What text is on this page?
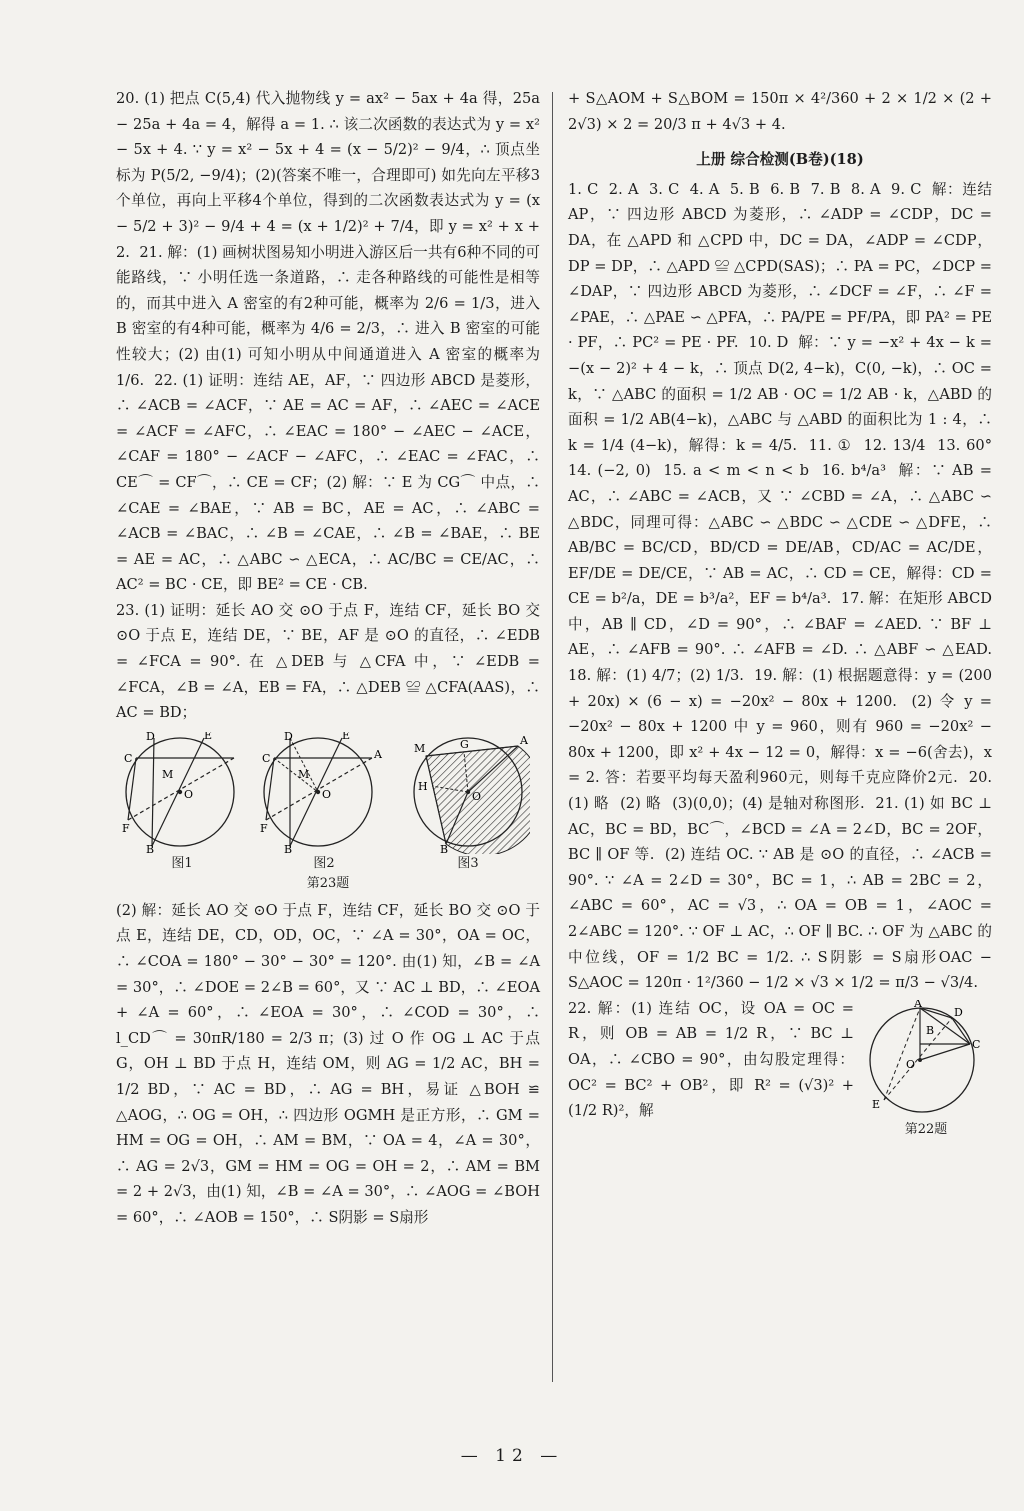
20. (1) 把点 C(5,4) 代入抛物线 y = ax² − 5ax + 4a 得，25a − 25a + 4a = 4，解得 a = 1. ∴ 该二次函数的表达式为 y = x² − 5x + 4. ∵ y = x² − 5x + 4 = (x − 5/2)² − 9/4，∴ 顶点坐标为 P(5/2, −9/4)；(2)(答案不唯一，合理即可) 如先向左平移3个单位，再向上平移4个单位，得到的二次函数表达式为 y = (x − 5/2 + 3)² − 9/4 + 4 = (x + 1/2)² + 7/4，即 y = x² + x + 2.  21. 解：(1) 画树状图易知小明进入游区后一共有6种不同的可能路线，∵ 小明任选一条道路，∴ 走各种路线的可能性是相等的，而其中进入 A 密室的有2种可能，概率为 2/6 = 1/3，进入 B 密室的有4种可能，概率为 4/6 = 2/3，∴ 进入 B 密室的可能性较大；(2) 由(1) 可知小明从中间通道进入 A 密室的概率为 1/6.  22. (1) 证明：连结 AE，AF，∵ 四边形 ABCD 是菱形，∴ ∠ACB = ∠ACF，∵ AE = AC = AF，∴ ∠AEC = ∠ACE = ∠ACF = ∠AFC，∴ ∠EAC = 180° − ∠AEC − ∠ACE，∠CAF = 180° − ∠ACF − ∠AFC，∴ ∠EAC = ∠FAC，∴ CE⌒ = CF⌒，∴ CE = CF；(2) 解：∵ E 为 CG⌒ 中点，∴ ∠CAE = ∠BAE，∵ AB = BC，AE = AC，∴ ∠ABC = ∠ACB = ∠BAC，∴ ∠B = ∠CAE，∴ ∠B = ∠BAE，∴ BE = AE = AC，∴ △ABC ∽ △ECA，∴ AC/BC = CE/AC，∴ AC² = BC · CE，即 BE² = CE · CB.

23. (1) 证明：延长 AO 交 ⊙O 于点 F，连结 CF，延长 BO 交 ⊙O 于点 E，连结 DE，∵ BE，AF 是 ⊙O 的直径，∴ ∠EDB = ∠FCA = 90°. 在 △DEB 与 △CFA 中，∵ ∠EDB = ∠FCA，∠B = ∠A，EB = FA，∴ △DEB ≌ △CFA(AAS)，∴ AC = BD；

D	E
C
M
O
F
B
图1
D	E
C	A
M
O
F
B
图2
M	G	A
H
O
B
图3
第23题

(2) 解：延长 AO 交 ⊙O 于点 F，连结 CF，延长 BO 交 ⊙O 于点 E，连结 DE，CD，OD，OC，∵ ∠A = 30°，OA = OC，∴ ∠COA = 180° − 30° − 30° = 120°. 由(1) 知，∠B = ∠A = 30°，∴ ∠DOE = 2∠B = 60°，又 ∵ AC ⊥ BD，∴ ∠EOA + ∠A = 60°，∴ ∠EOA = 30°，∴ ∠COD = 30°，∴ l_CD⌒ = 30πR/180 = 2/3 π；(3) 过 O 作 OG ⊥ AC 于点 G，OH ⊥ BD 于点 H，连结 OM，则 AG = 1/2 AC，BH = 1/2 BD，∵ AC = BD，∴ AG = BH，易证 △BOH ≌ △AOG，∴ OG = OH，∴ 四边形 OGMH 是正方形，∴ GM = HM = OG = OH，∴ AM = BM，∵ OA = 4，∠A = 30°，∴ AG = 2√3，GM = HM = OG = OH = 2，∴ AM = BM = 2 + 2√3，由(1) 知，∠B = ∠A = 30°，∴ ∠AOG = ∠BOH = 60°，∴ ∠AOB = 150°，∴ S阴影 = S扇形

+ S△AOM + S△BOM = 150π × 4²/360 + 2 × 1/2 × (2 + 2√3) × 2 = 20/3 π + 4√3 + 4.

上册 综合检测(B卷)(18)

1. C  2. A  3. C  4. A  5. B  6. B  7. B  8. A  9. C  解：连结 AP，∵ 四边形 ABCD 为菱形，∴ ∠ADP = ∠CDP，DC = DA，在 △APD 和 △CPD 中，DC = DA，∠ADP = ∠CDP，DP = DP，∴ △APD ≌ △CPD(SAS)；∴ PA = PC，∠DCP = ∠DAP，∵ 四边形 ABCD 为菱形，∴ ∠DCF = ∠F，∴ ∠F = ∠PAE，∴ △PAE ∽ △PFA，∴ PA/PE = PF/PA，即 PA² = PE · PF，∴ PC² = PE · PF.  10. D  解：∵ y = −x² + 4x − k = −(x − 2)² + 4 − k，∴ 顶点 D(2, 4−k)，C(0, −k)，∴ OC = k，∵ △ABC 的面积 = 1/2 AB · OC = 1/2 AB · k，△ABD 的面积 = 1/2 AB(4−k)，△ABC 与 △ABD 的面积比为 1 : 4，∴ k = 1/4 (4−k)，解得：k = 4/5.  11. ①  12. 13/4  13. 60°  14. (−2, 0)  15. a < m < n < b  16. b⁴/a³  解：∵ AB = AC，∴ ∠ABC = ∠ACB，又 ∵ ∠CBD = ∠A，∴ △ABC ∽ △BDC，同理可得：△ABC ∽ △BDC ∽ △CDE ∽ △DFE，∴ AB/BC = BC/CD，BD/CD = DE/AB，CD/AC = AC/DE，EF/DE = DE/CE，∵ AB = AC，∴ CD = CE，解得：CD = CE = b²/a，DE = b³/a²，EF = b⁴/a³.  17. 解：在矩形 ABCD 中，AB ∥ CD，∠D = 90°，∴ ∠BAF = ∠AED. ∵ BF ⊥ AE，∴ ∠AFB = 90°. ∴ ∠AFB = ∠D. ∴ △ABF ∽ △EAD.  18. 解：(1) 4/7；(2) 1/3.  19. 解：(1) 根据题意得：y = (200 + 20x) × (6 − x) = −20x² − 80x + 1200.  (2) 令 y = −20x² − 80x + 1200 中 y = 960，则有 960 = −20x² − 80x + 1200，即 x² + 4x − 12 = 0，解得：x = −6(舍去)，x = 2. 答：若要平均每天盈利960元，则每千克应降价2元.  20. (1) 略  (2) 略  (3)(0,0)；(4) 是轴对称图形.  21. (1) 如 BC ⊥ AC，BC = BD，BC⌒，∠BCD = ∠A = 2∠D，BC = 2OF，BC ∥ OF 等.  (2) 连结 OC. ∵ AB 是 ⊙O 的直径，∴ ∠ACB = 90°. ∵ ∠A = 2∠D = 30°，BC = 1，∴ AB = 2BC = 2，∠ABC = 60°，AC = √3，∴ OA = OB = 1，∠AOC = 2∠ABC = 120°. ∵ OF ⊥ AC，∴ OF ∥ BC. ∴ OF 为 △ABC 的中位线，OF = 1/2 BC = 1/2. ∴ S阴影 = S扇形OAC − S△AOC = 120π · 1²/360 − 1/2 × √3 × 1/2 = π/3 − √3/4.

A
D
B
C
O
E
第22题

22. 解：(1) 连结 OC，设 OA = OC = R，则 OB = AB = 1/2 R，∵ BC ⊥ OA，∴ ∠CBO = 90°，由勾股定理得：OC² = BC² + OB²，即 R² = (√3)² + (1/2 R)²，解

— 12 —
